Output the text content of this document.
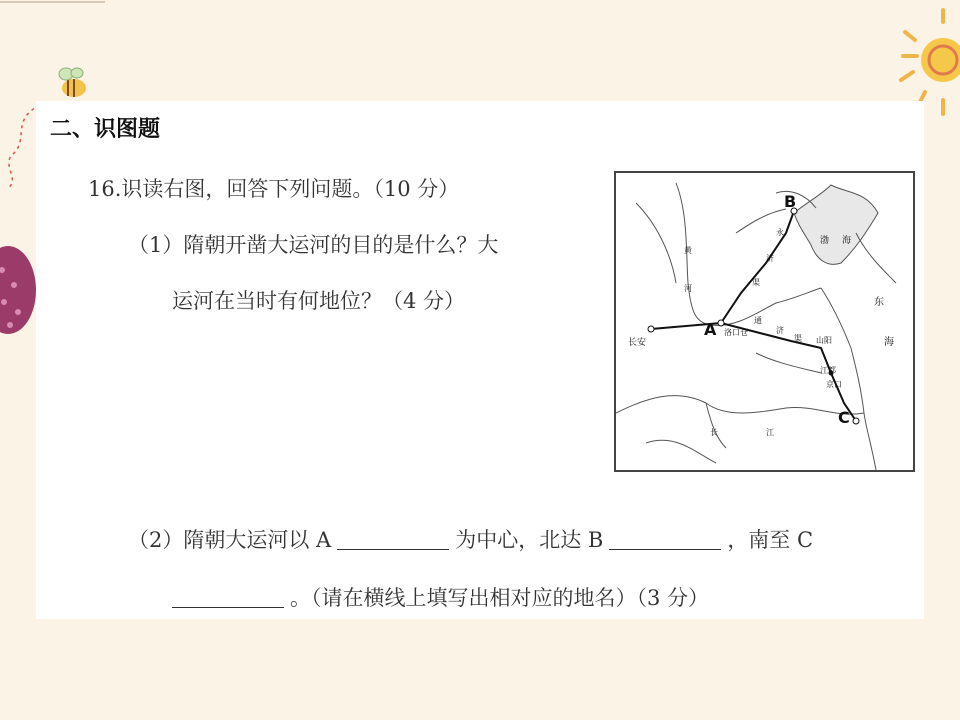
二、识图题
16.识读右图，回答下列问题。（10 分）
（1）隋朝开凿大运河的目的是什么？大
运河在当时有何地位？（4 分）
（2）隋朝大运河以 A	为中心，北达 B	，南至 C
。（请在横线上填写出相对应的地名）（3 分）
A
B
C
长安
洛口仓
山阳
江都
京口
渤 海
东
海
黄
河
长	江
永
济
渠
通
济
渠
